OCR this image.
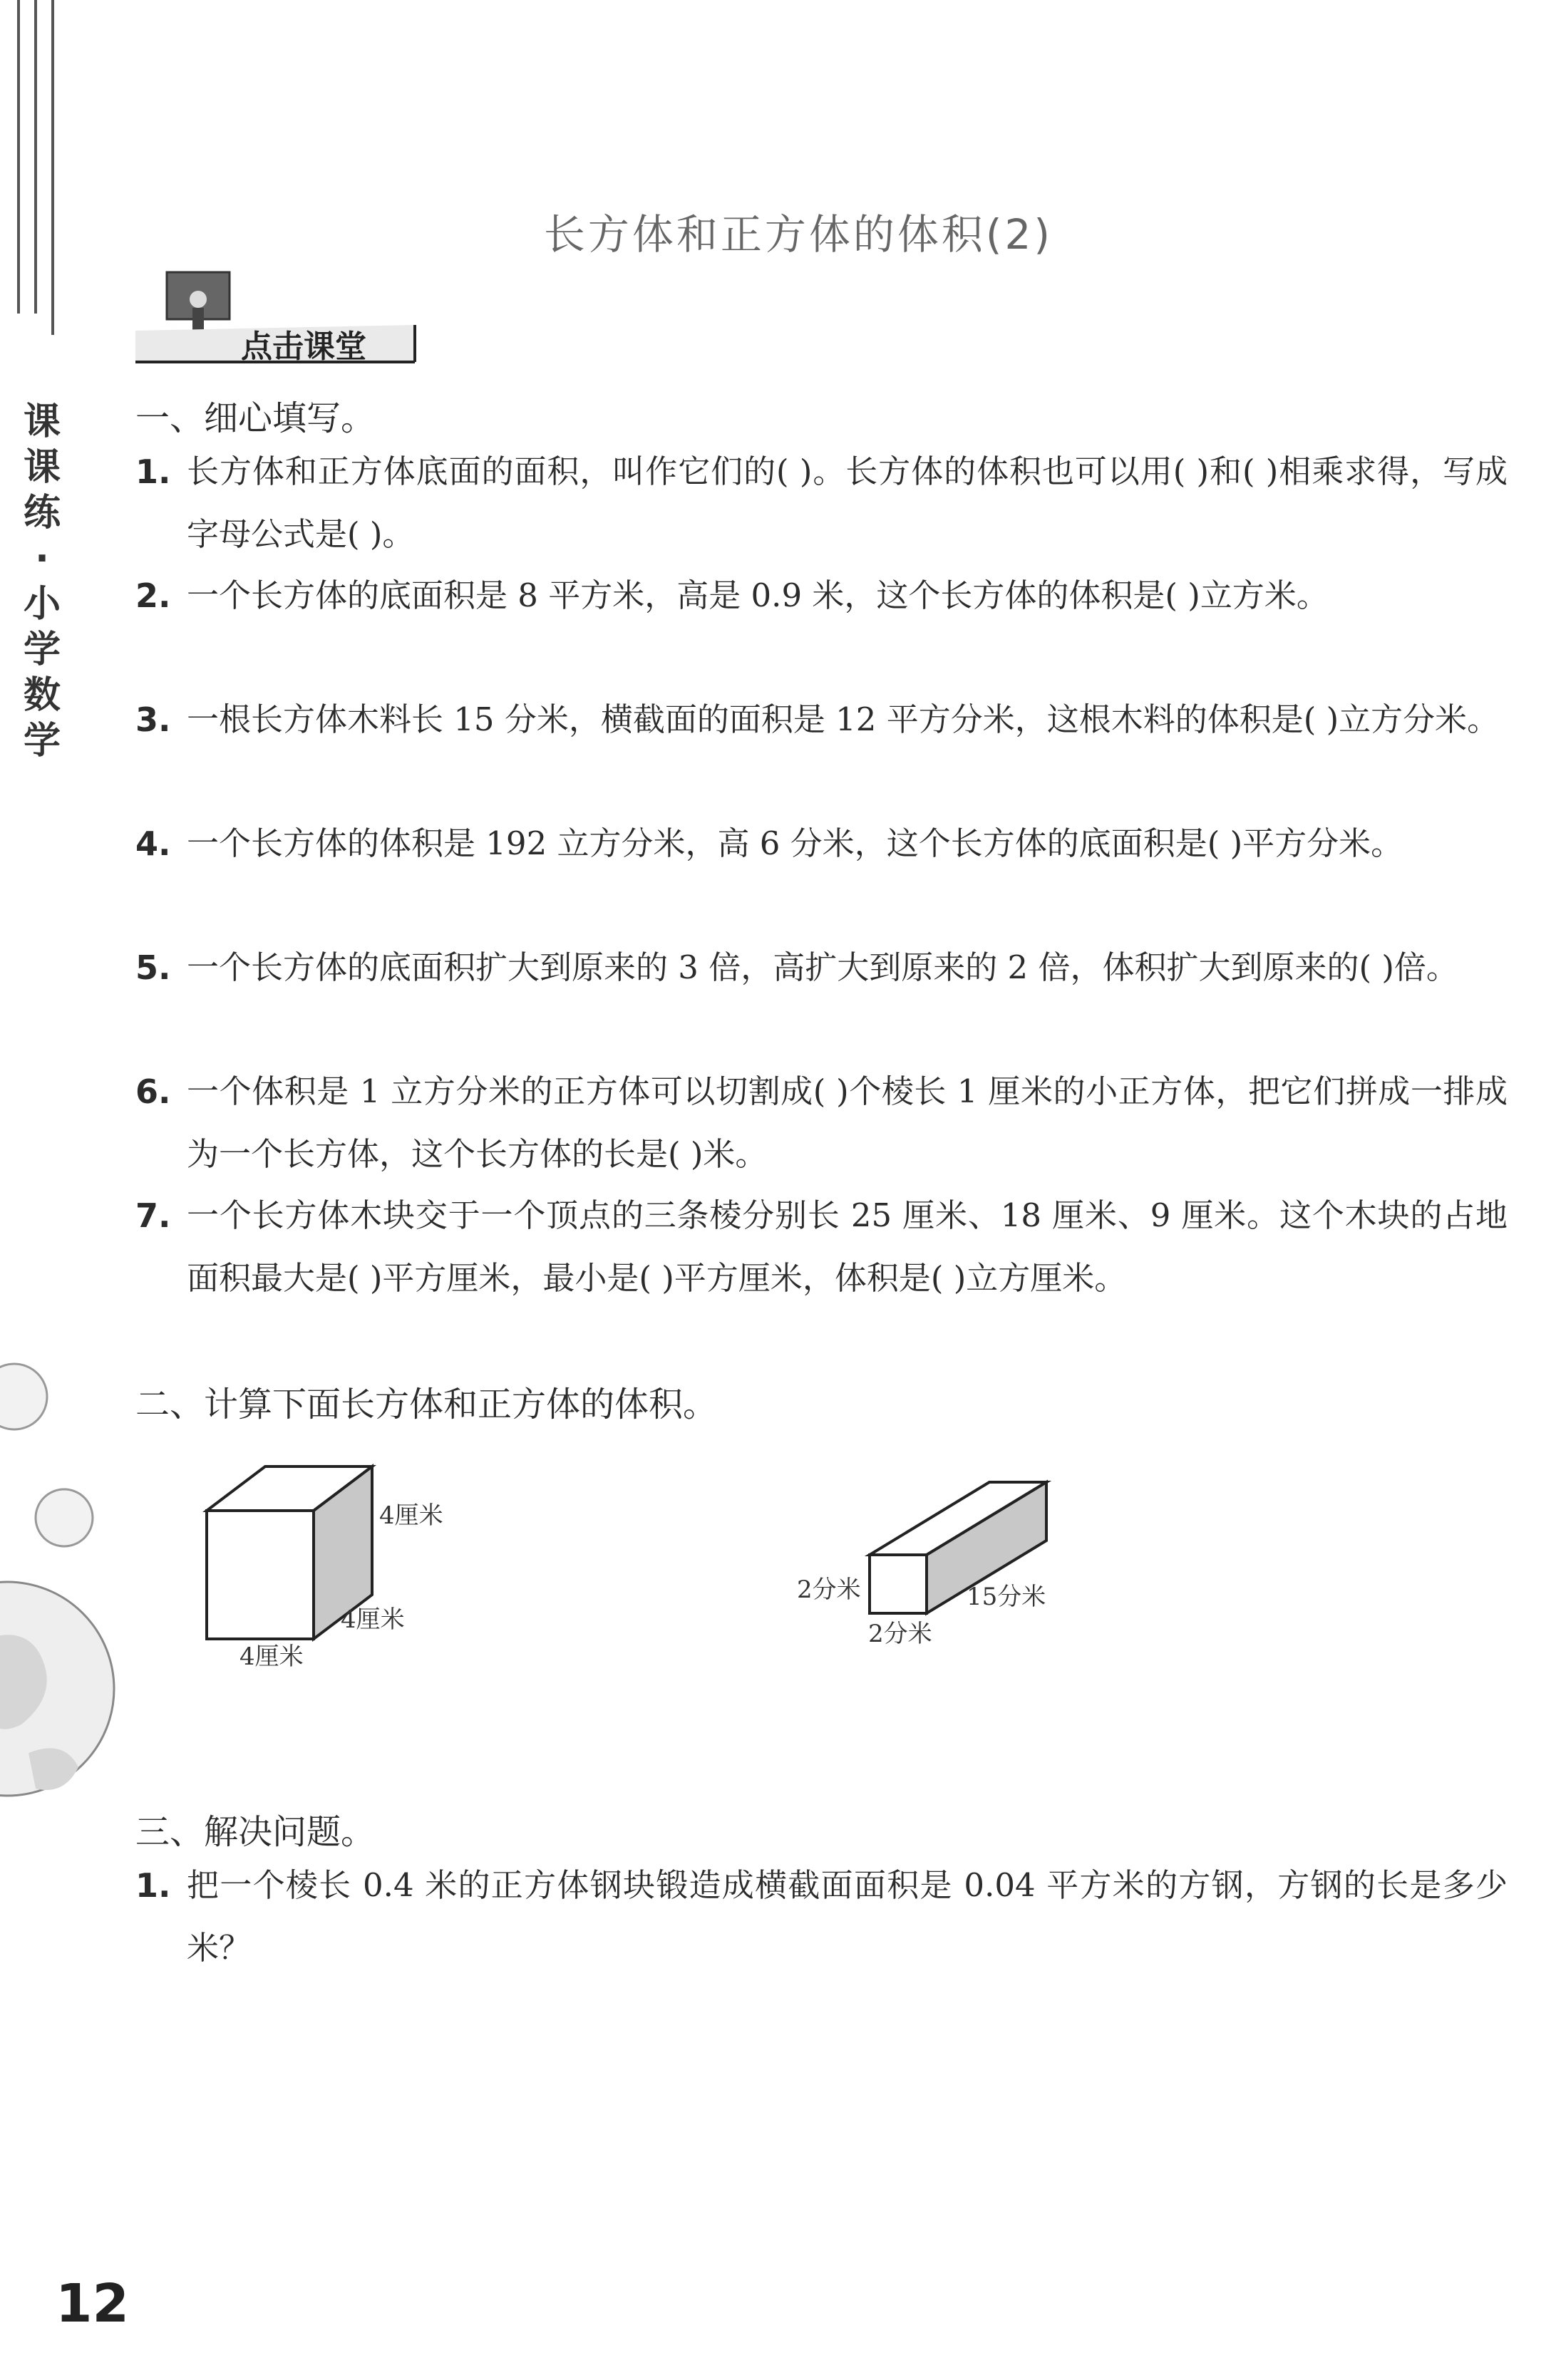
课课练·小学数学
长方体和正方体的体积(2)
点击课堂
一、细心填写。
1. 长方体和正方体底面的面积，叫作它们的( )。长方体的体积也可以用( )和( )相乘求得，写成字母公式是( )。
2. 一个长方体的底面积是 8 平方米，高是 0.9 米，这个长方体的体积是( )立方米。
3. 一根长方体木料长 15 分米，横截面的面积是 12 平方分米，这根木料的体积是( )立方分米。
4. 一个长方体的体积是 192 立方分米，高 6 分米，这个长方体的底面积是( )平方分米。
5. 一个长方体的底面积扩大到原来的 3 倍，高扩大到原来的 2 倍，体积扩大到原来的( )倍。
6. 一个体积是 1 立方分米的正方体可以切割成( )个棱长 1 厘米的小正方体，把它们拼成一排成为一个长方体，这个长方体的长是( )米。
7. 一个长方体木块交于一个顶点的三条棱分别长 25 厘米、18 厘米、9 厘米。这个木块的占地面积最大是( )平方厘米，最小是( )平方厘米，体积是( )立方厘米。
二、计算下面长方体和正方体的体积。
4厘米
4厘米
4厘米
2分米	15分米
2分米
三、解决问题。
1. 把一个棱长 0.4 米的正方体钢块锻造成横截面面积是 0.04 平方米的方钢，方钢的长是多少米？
12
